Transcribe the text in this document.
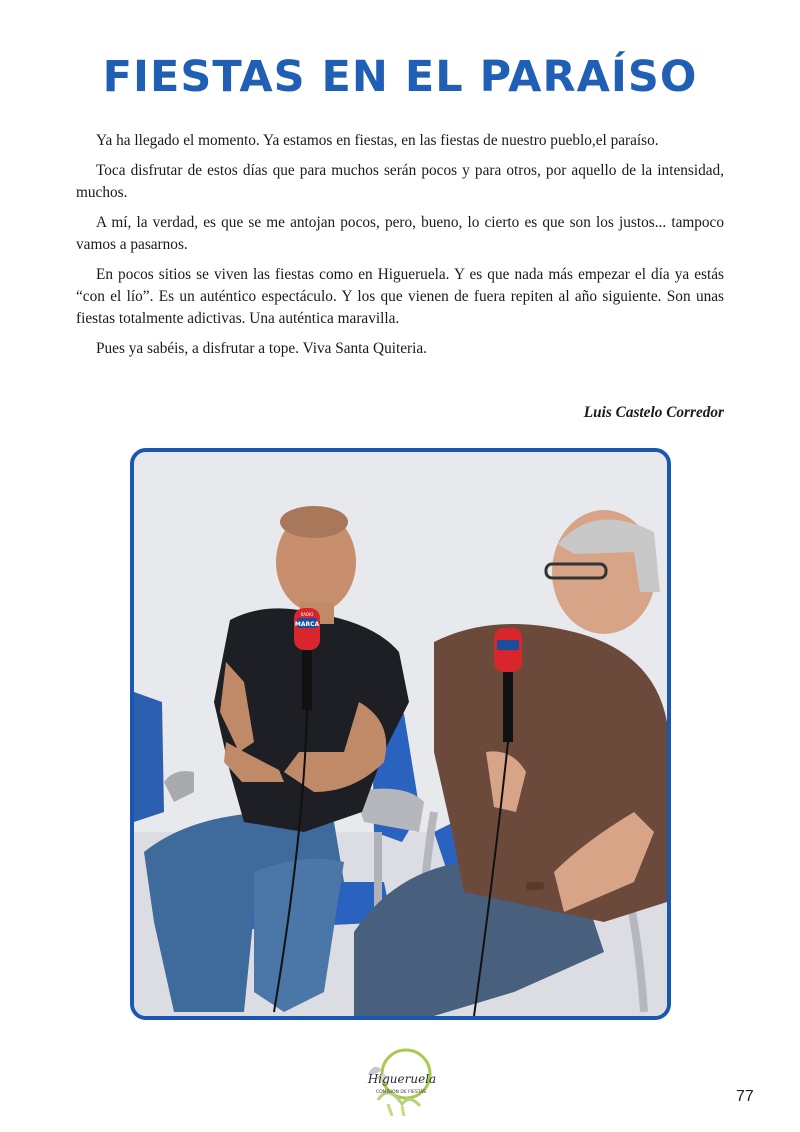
FIESTAS EN EL PARAÍSO

Ya ha llegado el momento. Ya estamos en fiestas, en las fiestas de nuestro pueblo,el paraíso.

Toca disfrutar de estos días que para muchos serán pocos y para otros, por aquello de la intensidad, muchos.

A mí, la verdad, es que se me antojan pocos, pero, bueno, lo cierto es que son los justos... tampoco vamos a pasarnos.

En pocos sitios se viven las fiestas como en Higueruela. Y es que nada más empezar el día ya estás “con el lío”. Es un auténtico espectáculo. Y los que vienen de fuera repiten al año siguiente. Son unas fiestas totalmente adictivas. Una auténtica maravilla.

Pues ya sabéis, a disfrutar a tope. Viva Santa Quiteria.

Luis Castelo Corredor
MARCA
RADIO
Higueruela
COMISIÓN DE FIESTAS	77
